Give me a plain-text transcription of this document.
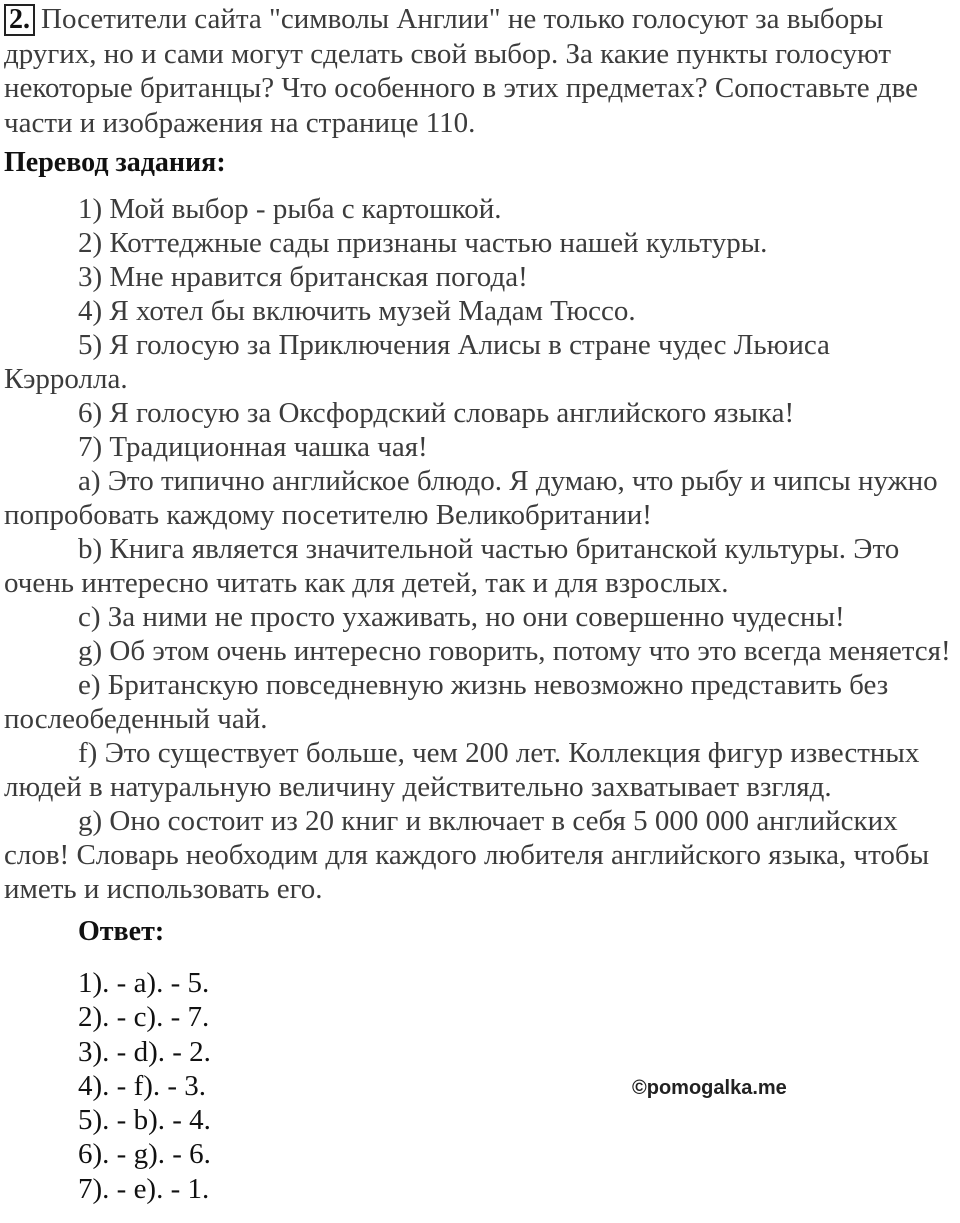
2. Посетители сайта "символы Англии" не только голосуют за выборы других, но и сами могут сделать свой выбор. За какие пункты голосуют некоторые британцы? Что особенного в этих предметах? Сопоставьте две части и изображения на странице 110.

Перевод задания:

1) Мой выбор - рыба с картошкой.

2) Коттеджные сады признаны частью нашей культуры.

3) Мне нравится британская погода!

4) Я хотел бы включить музей Мадам Тюссо.

5) Я голосую за Приключения Алисы в стране чудес Льюиса Кэрролла.

6) Я голосую за Оксфордский словарь английского языка!

7) Традиционная чашка чая!

a) Это типично английское блюдо. Я думаю, что рыбу и чипсы нужно попробовать каждому посетителю Великобритании!

b) Книга является значительной частью британской культуры. Это очень интересно читать как для детей, так и для взрослых.

c) За ними не просто ухаживать, но они совершенно чудесны!

g) Об этом очень интересно говорить, потому что это всегда меняется!

e) Британскую повседневную жизнь невозможно представить без послеобеденный чай.

f) Это существует больше, чем 200 лет. Коллекция фигур известных людей в натуральную величину действительно захватывает взгляд.

g) Оно состоит из 20 книг и включает в себя 5 000 000 английских слов! Словарь необходим для каждого любителя английского языка, чтобы иметь и использовать его.

Ответ:
1). - a). - 5.
2). - c). - 7.
3). - d). - 2.
4). - f). - 3.
5). - b). - 4.
6). - g). - 6.
7). - e). - 1.
©pomogalka.me
